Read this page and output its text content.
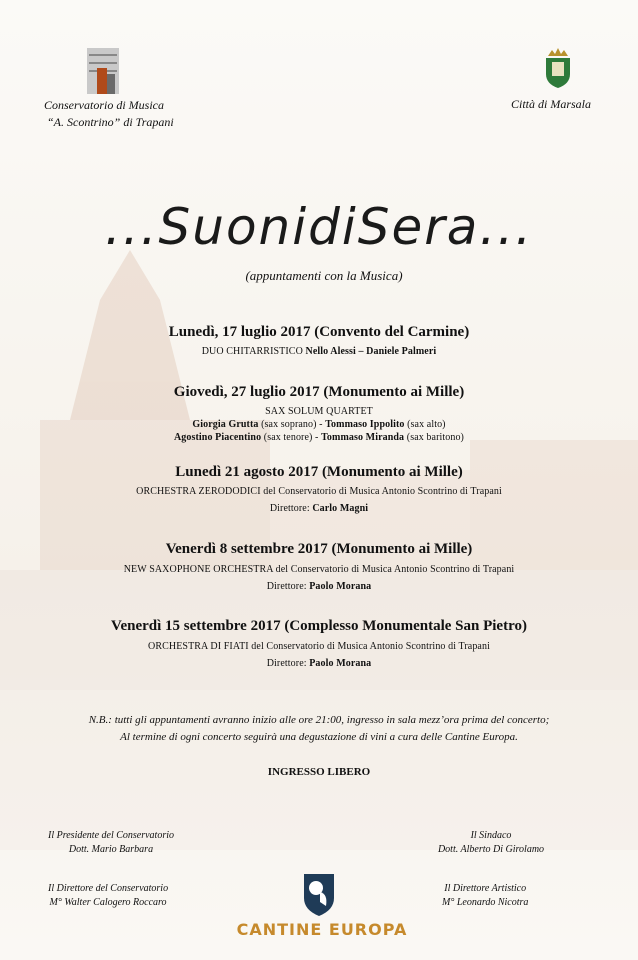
Conservatorio di Musica
“A. Scontrino” di Trapani
Città di Marsala
...SuonidiSera...
(appuntamenti con la Musica)
Lunedì, 17 luglio 2017 (Convento del Carmine)
DUO CHITARRISTICO Nello Alessi – Daniele Palmeri
Giovedì, 27 luglio 2017 (Monumento ai Mille)
SAX SOLUM QUARTET
Giorgia Grutta (sax soprano) - Tommaso Ippolito (sax alto)
Agostino Piacentino (sax tenore) - Tommaso Miranda (sax baritono)
Lunedì 21 agosto 2017 (Monumento ai Mille)
ORCHESTRA ZERODODICI del Conservatorio di Musica Antonio Scontrino di Trapani
Direttore: Carlo Magni
Venerdì 8 settembre 2017 (Monumento ai Mille)
NEW SAXOPHONE ORCHESTRA del Conservatorio di Musica Antonio Scontrino di Trapani
Direttore: Paolo Morana
Venerdì 15 settembre 2017 (Complesso Monumentale San Pietro)
ORCHESTRA DI FIATI del Conservatorio di Musica Antonio Scontrino di Trapani
Direttore: Paolo Morana
N.B.: tutti gli appuntamenti avranno inizio alle ore 21:00, ingresso in sala mezz’ora prima del concerto;
Al termine di ogni concerto seguirà una degustazione di vini a cura delle Cantine Europa.
INGRESSO LIBERO
Il Presidente del Conservatorio
Dott. Mario Barbara
Il Sindaco
Dott. Alberto Di Girolamo
Il Direttore del Conservatorio
M° Walter Calogero Roccaro
Il Direttore Artistico
M° Leonardo Nicotra
CANTINE EUROPA
